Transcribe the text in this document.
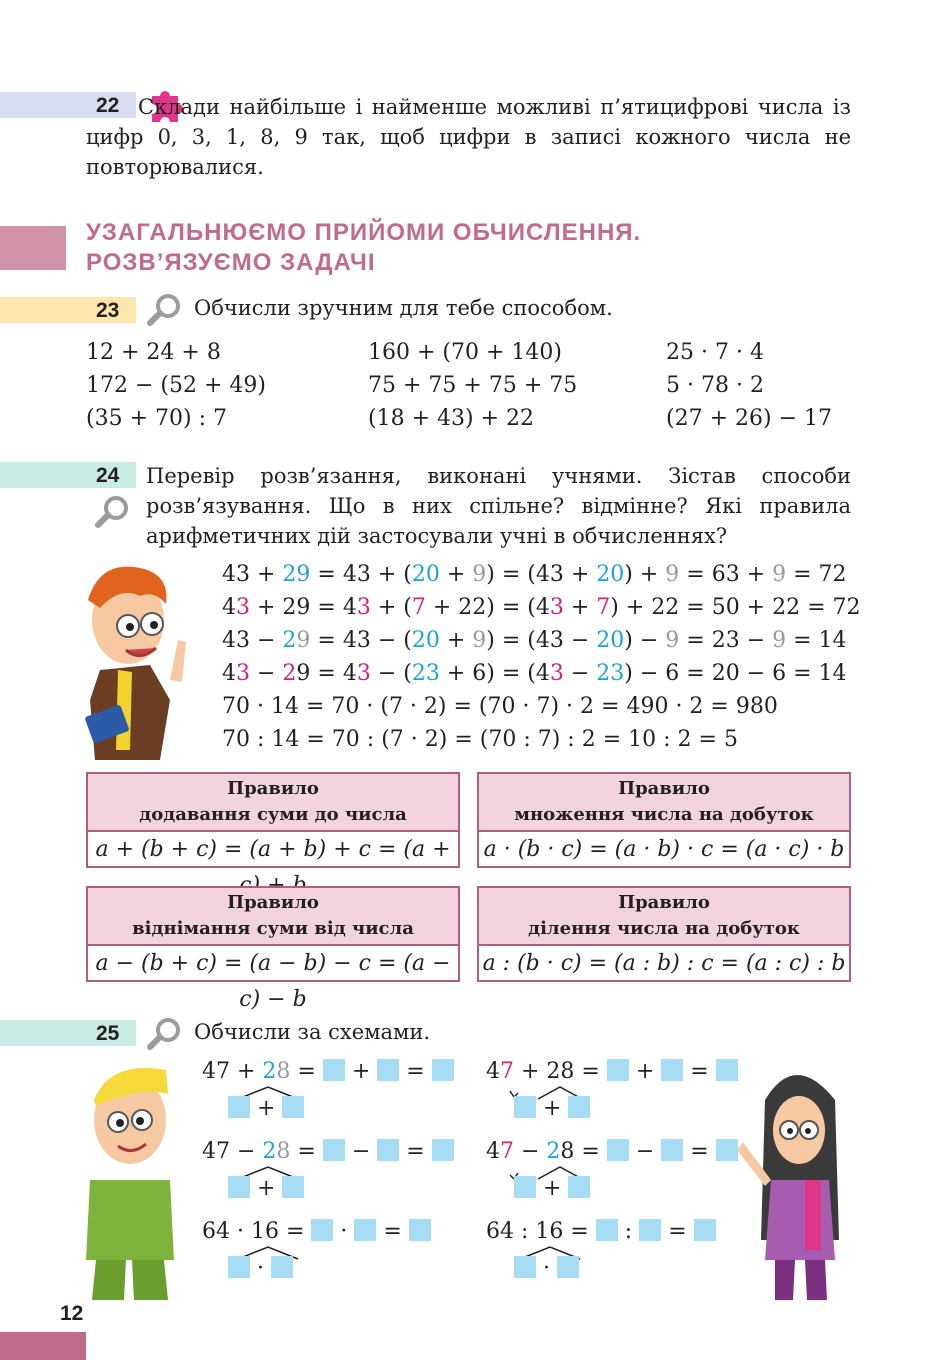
22 Склади найбільше і найменше можливі п’ятицифрові числа із цифр 0, 3, 1, 8, 9 так, щоб цифри в записі кожного числа не повторювалися.
УЗАГАЛЬНЮЄМО ПРИЙОМИ ОБЧИСЛЕННЯ.
РОЗВ’ЯЗУЄМО ЗАДАЧІ
23	Обчисли зручним для тебе способом.
12 + 24 + 8
172 − (52 + 49)
(35 + 70) : 7
160 + (70 + 140)
75 + 75 + 75 + 75
(18 + 43) + 22
25 · 7 · 4
5 · 78 · 2
(27 + 26) − 17
24 Перевір розв’язання, виконані учнями. Зістав способи розв’язування. Що в них спільне? відмінне? Які правила арифметичних дій застосували учні в обчисленнях?
43 + 29 = 43 + (20 + 9) = (43 + 20) + 9 = 63 + 9 = 72
43 + 29 = 43 + (7 + 22) = (43 + 7) + 22 = 50 + 22 = 72
43 − 29 = 43 − (20 + 9) = (43 − 20) − 9 = 23 − 9 = 14
43 − 29 = 43 − (23 + 6) = (43 − 23) − 6 = 20 − 6 = 14
70 · 14 = 70 · (7 · 2) = (70 · 7) · 2 = 490 · 2 = 980
70 : 14 = 70 : (7 · 2) = (70 : 7) : 2 = 10 : 2 = 5
Правило
додавання суми до числа
a + (b + c) = (a + b) + c = (a +
Правило
множення числа на добуток
a · (b · c) = (a · b) · c = (a · c) · b
Правило
віднімання суми від числа
a − (b + c) = (a − b) − c = (a − c) − b
Правило
ділення числа на добуток
a : (b · c) = (a : b) : c = (a : c) : b
25	Обчисли за схемами.
47 + 28 =  +  =
+
47 − 28 =  −  =
+
64 · 16 =  ·  =
·
47 + 28 =  +  =
+
47 − 28 =  −  =
+
64 : 16 =  :  =
·
12
